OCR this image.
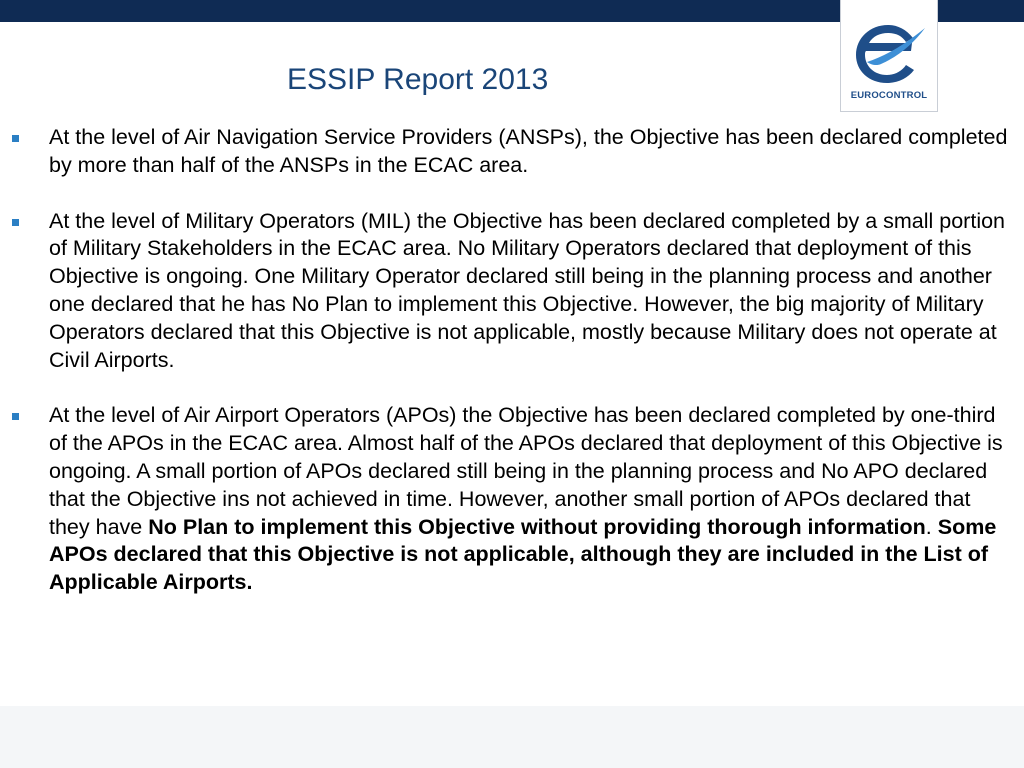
EUROCONTROL
ESSIP Report 2013
At the level of Air Navigation Service Providers (ANSPs), the Objective has been declared completed by more than half of the ANSPs in the ECAC area.
At the level of Military Operators (MIL) the Objective has been declared completed by a small portion of Military Stakeholders in the ECAC area. No Military Operators declared that deployment of this Objective is ongoing. One Military Operator declared still being in the planning process and another one declared that he has No Plan to implement this Objective. However, the big majority of Military Operators declared that this Objective is not applicable, mostly because Military does not operate at Civil Airports.
At the level of Air Airport Operators (APOs) the Objective has been declared completed by one-third of the APOs in the ECAC area. Almost half of the APOs declared that deployment of this Objective is ongoing. A small portion of APOs declared still being in the planning process and No APO declared that the Objective ins not achieved in time. However, another small portion of APOs declared that they have No Plan to implement this Objective without providing thorough information. Some APOs declared that this Objective is not applicable, although they are included in the List of Applicable Airports.
